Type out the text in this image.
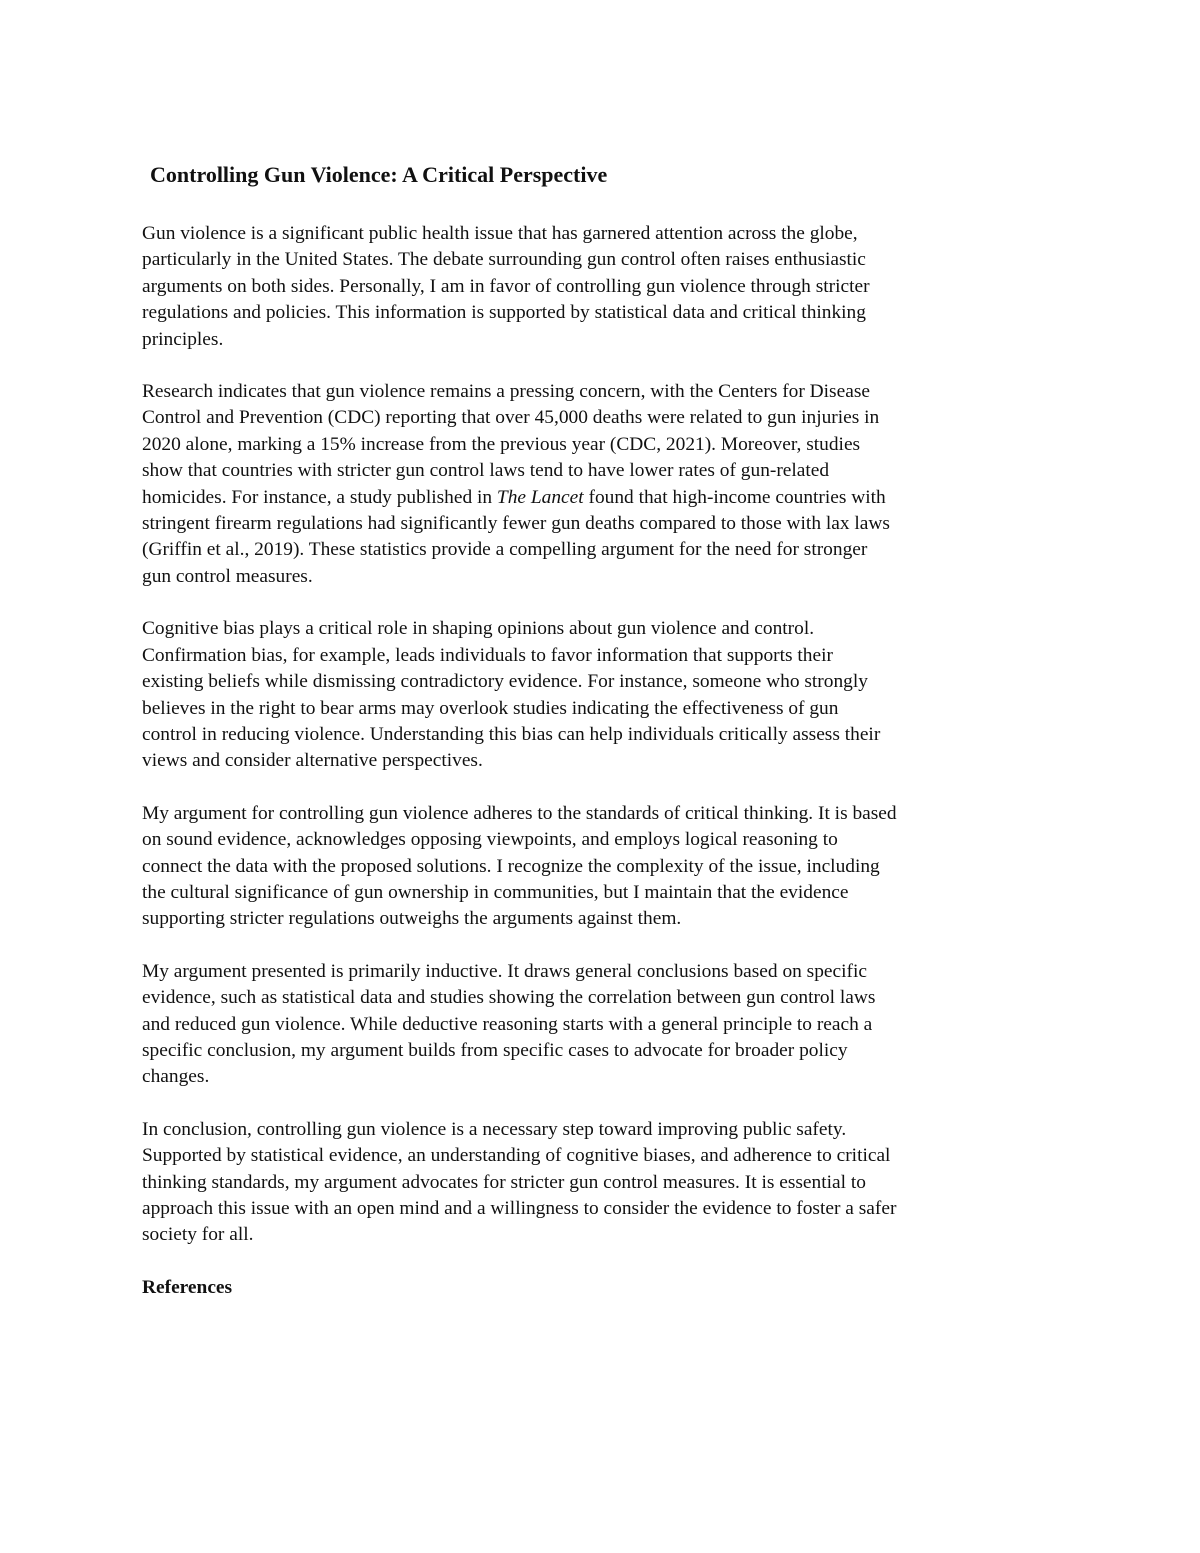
Controlling Gun Violence: A Critical Perspective

Gun violence is a significant public health issue that has garnered attention across the globe,
particularly in the United States. The debate surrounding gun control often raises enthusiastic
arguments on both sides. Personally, I am in favor of controlling gun violence through stricter
regulations and policies. This information is supported by statistical data and critical thinking
principles.

Research indicates that gun violence remains a pressing concern, with the Centers for Disease
Control and Prevention (CDC) reporting that over 45,000 deaths were related to gun injuries in
2020 alone, marking a 15% increase from the previous year (CDC, 2021). Moreover, studies
show that countries with stricter gun control laws tend to have lower rates of gun-related
homicides. For instance, a study published in The Lancet found that high-income countries with
stringent firearm regulations had significantly fewer gun deaths compared to those with lax laws
(Griffin et al., 2019). These statistics provide a compelling argument for the need for stronger
gun control measures.

Cognitive bias plays a critical role in shaping opinions about gun violence and control.
Confirmation bias, for example, leads individuals to favor information that supports their
existing beliefs while dismissing contradictory evidence. For instance, someone who strongly
believes in the right to bear arms may overlook studies indicating the effectiveness of gun
control in reducing violence. Understanding this bias can help individuals critically assess their
views and consider alternative perspectives.

My argument for controlling gun violence adheres to the standards of critical thinking. It is based
on sound evidence, acknowledges opposing viewpoints, and employs logical reasoning to
connect the data with the proposed solutions. I recognize the complexity of the issue, including
the cultural significance of gun ownership in communities, but I maintain that the evidence
supporting stricter regulations outweighs the arguments against them.

My argument presented is primarily inductive. It draws general conclusions based on specific
evidence, such as statistical data and studies showing the correlation between gun control laws
and reduced gun violence. While deductive reasoning starts with a general principle to reach a
specific conclusion, my argument builds from specific cases to advocate for broader policy
changes.

In conclusion, controlling gun violence is a necessary step toward improving public safety.
Supported by statistical evidence, an understanding of cognitive biases, and adherence to critical
thinking standards, my argument advocates for stricter gun control measures. It is essential to
approach this issue with an open mind and a willingness to consider the evidence to foster a safer
society for all.

References
